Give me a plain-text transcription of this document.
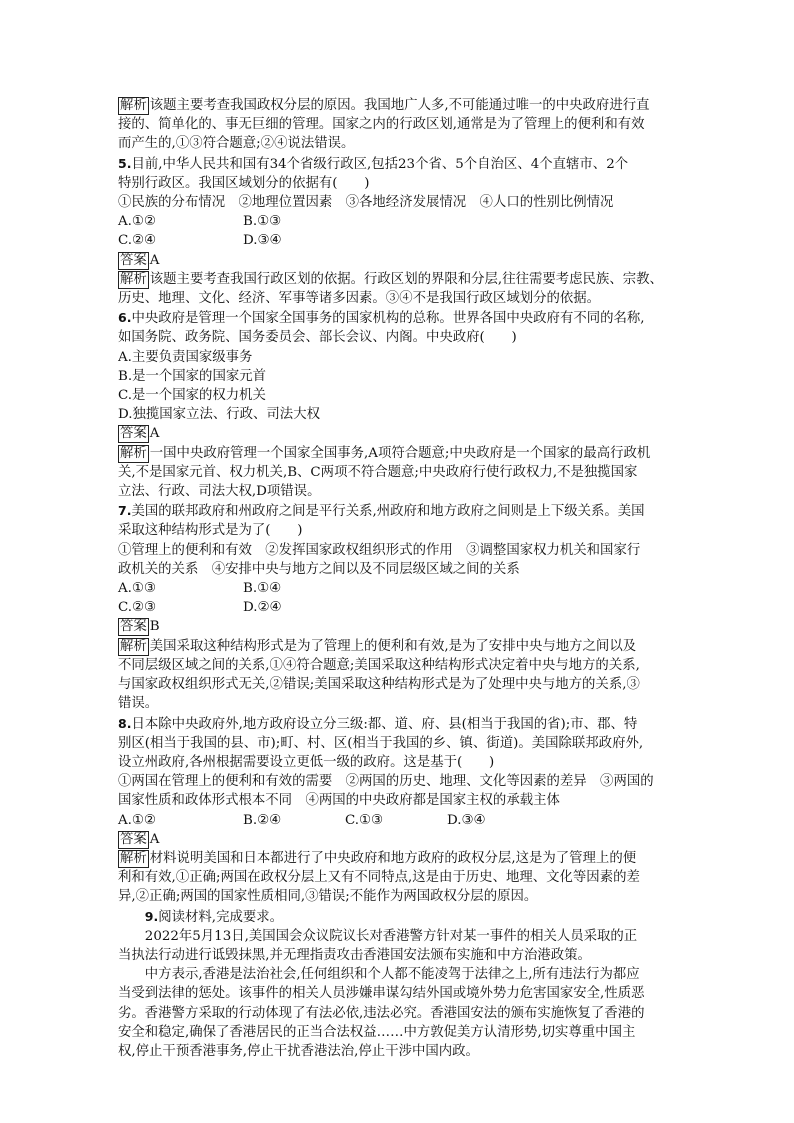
解析 该题主要考查我国政权分层的原因。我国地广人多,不可能通过唯一的中央政府进行直
接的、简单化的、事无巨细的管理。国家之内的行政区划,通常是为了管理上的便利和有效
而产生的,①③符合题意;②④说法错误。
5.目前,中华人民共和国有34个省级行政区,包括23个省、5个自治区、4个直辖市、2个
特别行政区。我国区域划分的依据有(　　)
①民族的分布情况　②地理位置因素　③各地经济发展情况　④人口的性别比例情况
A.①②	B.①③
C.②④	D.③④
答案 A
解析 该题主要考查我国行政区划的依据。行政区划的界限和分层,往往需要考虑民族、宗教、
历史、地理、文化、经济、军事等诸多因素。③④不是我国行政区域划分的依据。
6.中央政府是管理一个国家全国事务的国家机构的总称。世界各国中央政府有不同的名称,
如国务院、政务院、国务委员会、部长会议、内阁。中央政府(　　)
A.主要负责国家级事务
B.是一个国家的国家元首
C.是一个国家的权力机关
D.独揽国家立法、行政、司法大权
答案 A
解析 一国中央政府管理一个国家全国事务,A项符合题意;中央政府是一个国家的最高行政机
关,不是国家元首、权力机关,B、C两项不符合题意;中央政府行使行政权力,不是独揽国家
立法、行政、司法大权,D项错误。
7.美国的联邦政府和州政府之间是平行关系,州政府和地方政府之间则是上下级关系。美国
采取这种结构形式是为了(　　)
①管理上的便利和有效　②发挥国家政权组织形式的作用　③调整国家权力机关和国家行
政机关的关系　④安排中央与地方之间以及不同层级区域之间的关系
A.①③	B.①④
C.②③	D.②④
答案 B
解析 美国采取这种结构形式是为了管理上的便利和有效,是为了安排中央与地方之间以及
不同层级区域之间的关系,①④符合题意;美国采取这种结构形式决定着中央与地方的关系,
与国家政权组织形式无关,②错误;美国采取这种结构形式是为了处理中央与地方的关系,③
错误。
8.日本除中央政府外,地方政府设立分三级:都、道、府、县(相当于我国的省);市、郡、特
别区(相当于我国的县、市);町、村、区(相当于我国的乡、镇、街道)。美国除联邦政府外,
设立州政府,各州根据需要设立更低一级的政府。这是基于(　　)
①两国在管理上的便利和有效的需要　②两国的历史、地理、文化等因素的差异　③两国的
国家性质和政体形式根本不同　④两国的中央政府都是国家主权的承载主体
A.①②	B.②④	C.①③	D.③④
答案 A
解析 材料说明美国和日本都进行了中央政府和地方政府的政权分层,这是为了管理上的便
利和有效,①正确;两国在政权分层上又有不同特点,这是由于历史、地理、文化等因素的差
异,②正确;两国的国家性质相同,③错误;不能作为两国政权分层的原因。
9.阅读材料,完成要求。
2022年5月13日,美国国会众议院议长对香港警方针对某一事件的相关人员采取的正
当执法行动进行诋毁抹黑,并无理指责攻击香港国安法颁布实施和中方治港政策。
中方表示,香港是法治社会,任何组织和个人都不能凌驾于法律之上,所有违法行为都应
当受到法律的惩处。该事件的相关人员涉嫌串谋勾结外国或境外势力危害国家安全,性质恶
劣。香港警方采取的行动体现了有法必依,违法必究。香港国安法的颁布实施恢复了香港的
安全和稳定,确保了香港居民的正当合法权益……中方敦促美方认清形势,切实尊重中国主
权,停止干预香港事务,停止干扰香港法治,停止干涉中国内政。
